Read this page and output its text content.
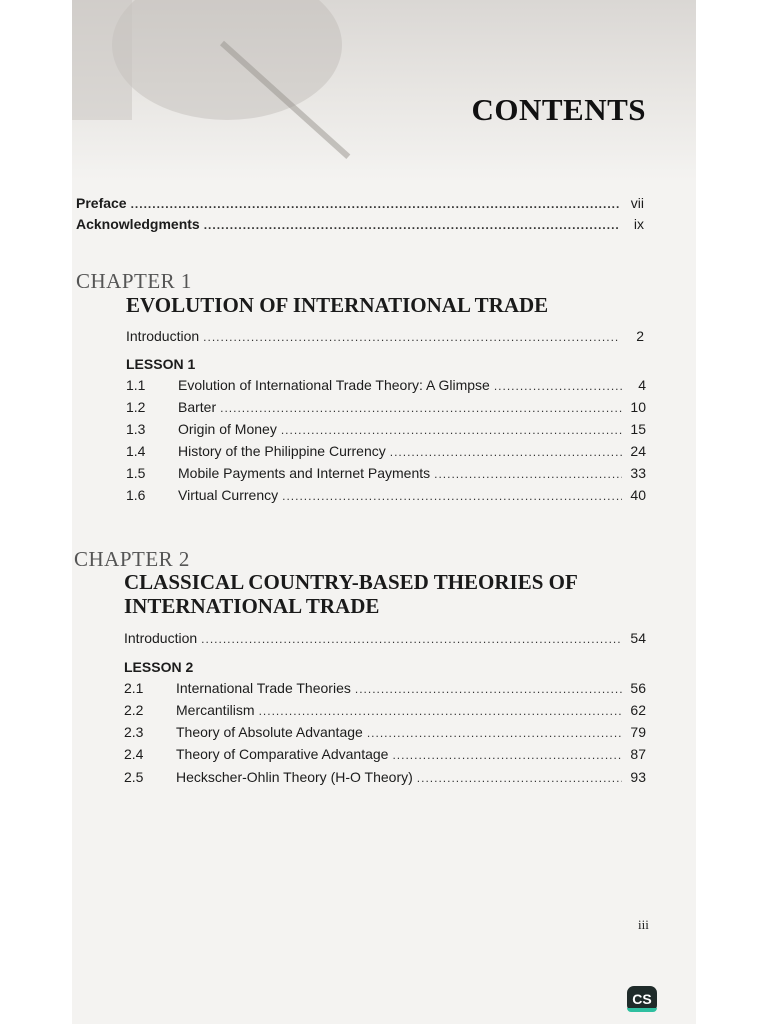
CONTENTS
Preface .....	vii
Acknowledgments .....	ix
CHAPTER 1
EVOLUTION OF INTERNATIONAL TRADE
Introduction .....	2
LESSON 1
1.1	Evolution of International Trade Theory: A Glimpse .....	4
1.2	Barter .....	10
1.3	Origin of Money .....	15
1.4	History of the Philippine Currency .....	24
1.5	Mobile Payments and Internet Payments .....	33
1.6	Virtual Currency .....	40
CHAPTER 2
CLASSICAL COUNTRY-BASED THEORIES OF
INTERNATIONAL TRADE
Introduction .....	54
LESSON 2
2.1	International Trade Theories .....	56
2.2	Mercantilism .....	62
2.3	Theory of Absolute Advantage .....	79
2.4	Theory of Comparative Advantage .....	87
2.5	Heckscher-Ohlin Theory (H-O Theory) .....	93
iii
CS
